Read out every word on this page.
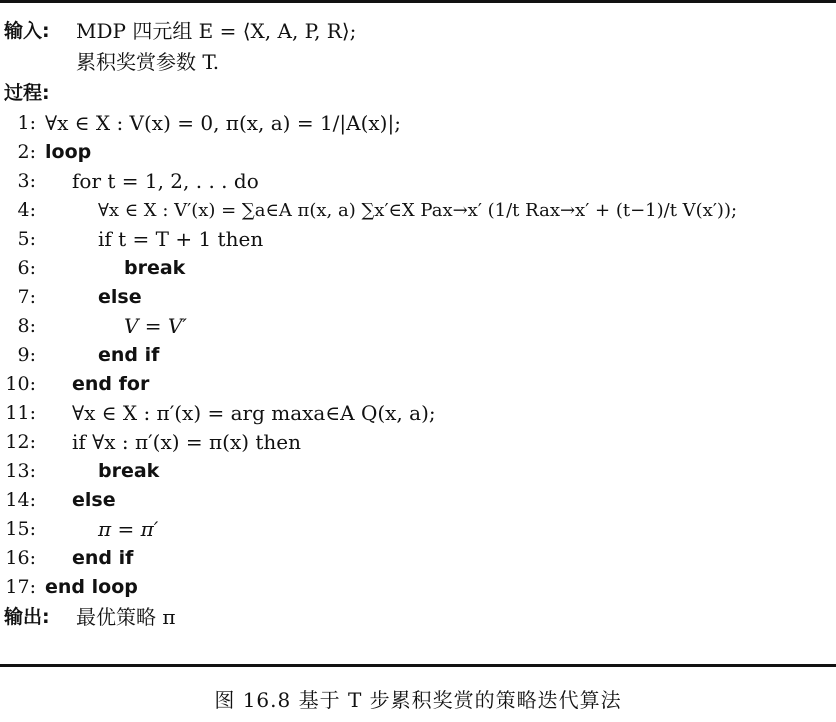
输入: MDP 四元组 E = ⟨X, A, P, R⟩;
累积奖赏参数 T.
过程:
1: ∀x ∈ X : V(x) = 0, π(x, a) = 1/|A(x)|;
2: loop
3: for t = 1, 2, . . . do
4:	∀x ∈ X : V′(x) = ∑a∈A π(x, a) ∑x′∈X Pax→x′ (1/t Rax→x′ + (t−1)/t V(x′));
5:	if t = T + 1 then
6:	break
7:	else
8:	V = V′
9:	end if
10: end for
11: ∀x ∈ X : π′(x) = arg maxa∈A Q(x, a);
12: if ∀x : π′(x) = π(x) then
13:	break
14: else
15:	π = π′
16: end if
17: end loop
输出: 最优策略 π
图 16.8 基于 T 步累积奖赏的策略迭代算法
